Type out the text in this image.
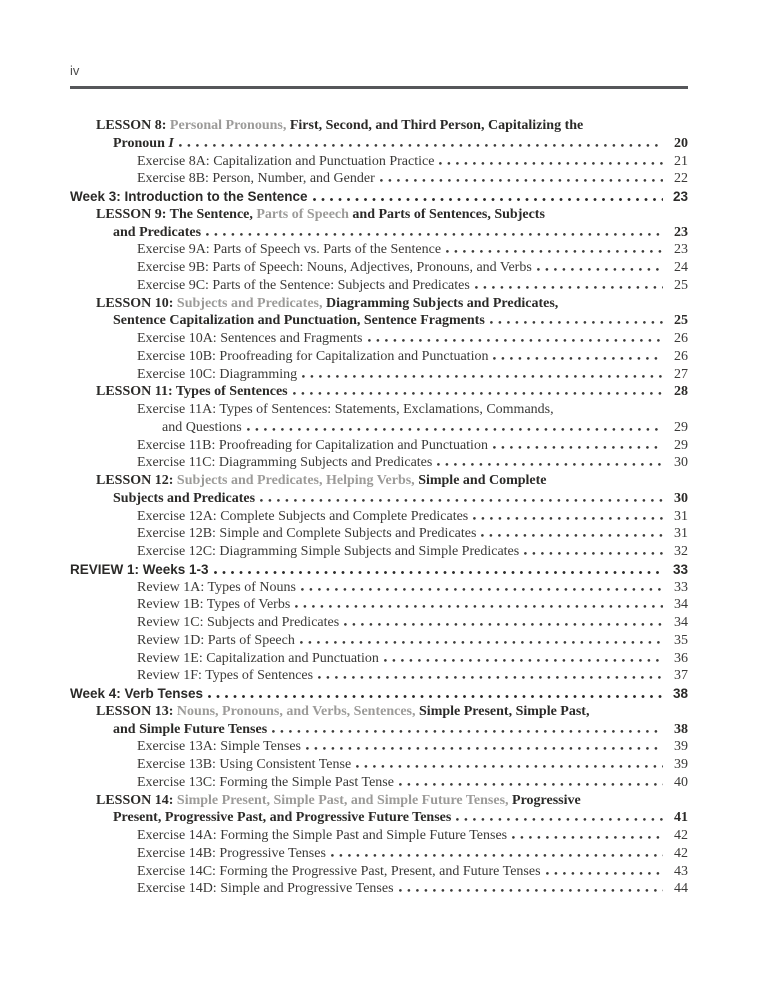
iv
LESSON 8: Personal Pronouns, First, Second, and Third Person, Capitalizing the
Pronoun I	20
Exercise 8A: Capitalization and Punctuation Practice	21
Exercise 8B: Person, Number, and Gender	22
Week 3: Introduction to the Sentence	23
LESSON 9: The Sentence, Parts of Speech and Parts of Sentences, Subjects
and Predicates	23
Exercise 9A: Parts of Speech vs. Parts of the Sentence	23
Exercise 9B: Parts of Speech: Nouns, Adjectives, Pronouns, and Verbs	24
Exercise 9C: Parts of the Sentence: Subjects and Predicates	25
LESSON 10: Subjects and Predicates, Diagramming Subjects and Predicates,
Sentence Capitalization and Punctuation, Sentence Fragments	25
Exercise 10A: Sentences and Fragments	26
Exercise 10B: Proofreading for Capitalization and Punctuation	26
Exercise 10C: Diagramming	27
LESSON 11: Types of Sentences	28
Exercise 11A: Types of Sentences: Statements, Exclamations, Commands,
and Questions	29
Exercise 11B: Proofreading for Capitalization and Punctuation	29
Exercise 11C: Diagramming Subjects and Predicates	30
LESSON 12: Subjects and Predicates, Helping Verbs, Simple and Complete
Subjects and Predicates	30
Exercise 12A: Complete Subjects and Complete Predicates	31
Exercise 12B: Simple and Complete Subjects and Predicates	31
Exercise 12C: Diagramming Simple Subjects and Simple Predicates	32
REVIEW 1: Weeks 1-3	33
Review 1A: Types of Nouns	33
Review 1B: Types of Verbs	34
Review 1C: Subjects and Predicates	34
Review 1D: Parts of Speech	35
Review 1E: Capitalization and Punctuation	36
Review 1F: Types of Sentences	37
Week 4: Verb Tenses	38
LESSON 13: Nouns, Pronouns, and Verbs, Sentences, Simple Present, Simple Past,
and Simple Future Tenses	38
Exercise 13A: Simple Tenses	39
Exercise 13B: Using Consistent Tense	39
Exercise 13C: Forming the Simple Past Tense	40
LESSON 14: Simple Present, Simple Past, and Simple Future Tenses, Progressive
Present, Progressive Past, and Progressive Future Tenses	41
Exercise 14A: Forming the Simple Past and Simple Future Tenses	42
Exercise 14B: Progressive Tenses	42
Exercise 14C: Forming the Progressive Past, Present, and Future Tenses	43
Exercise 14D: Simple and Progressive Tenses	44
